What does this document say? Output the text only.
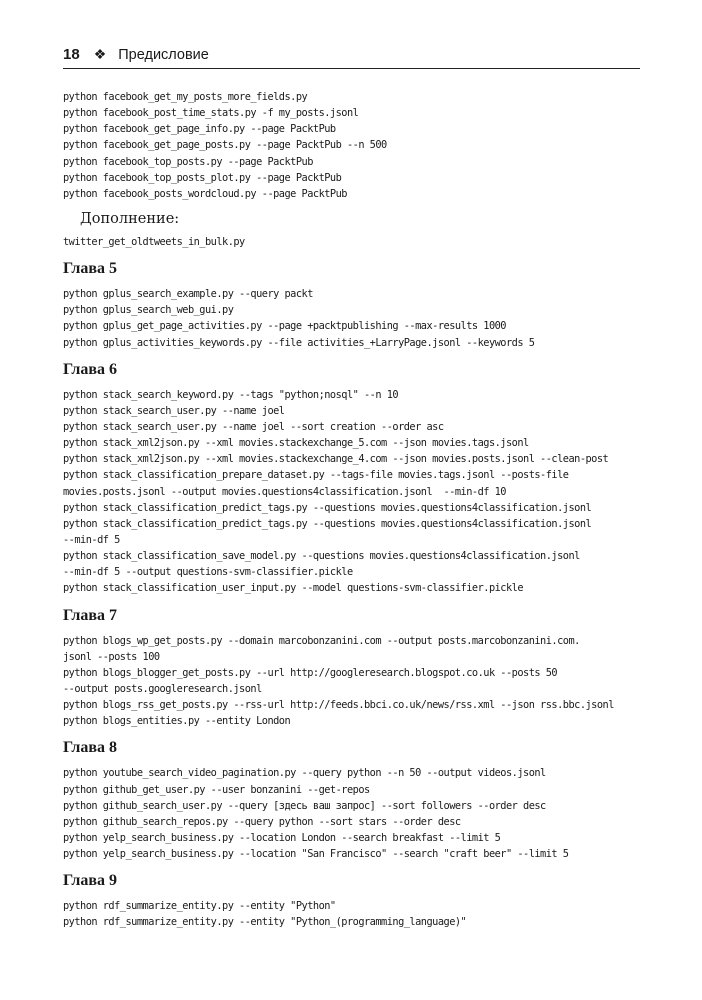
18 ❖ Предисловие
python facebook_get_my_posts_more_fields.py
python facebook_post_time_stats.py -f my_posts.jsonl
python facebook_get_page_info.py --page PacktPub
python facebook_get_page_posts.py --page PacktPub --n 500
python facebook_top_posts.py --page PacktPub
python facebook_top_posts_plot.py --page PacktPub
python facebook_posts_wordcloud.py --page PacktPub
Дополнение:
twitter_get_oldtweets_in_bulk.py
Глава 5
python gplus_search_example.py --query packt
python gplus_search_web_gui.py
python gplus_get_page_activities.py --page +packtpublishing --max-results 1000
python gplus_activities_keywords.py --file activities_+LarryPage.jsonl --keywords 5
Глава 6
python stack_search_keyword.py --tags "python;nosql" --n 10
python stack_search_user.py --name joel
python stack_search_user.py --name joel --sort creation --order asc
python stack_xml2json.py --xml movies.stackexchange_5.com --json movies.tags.jsonl
python stack_xml2json.py --xml movies.stackexchange_4.com --json movies.posts.jsonl --clean-post
python stack_classification_prepare_dataset.py --tags-file movies.tags.jsonl --posts-file
movies.posts.jsonl --output movies.questions4classification.jsonl  --min-df 10
python stack_classification_predict_tags.py --questions movies.questions4classification.jsonl
python stack_classification_predict_tags.py --questions movies.questions4classification.jsonl
--min-df 5
python stack_classification_save_model.py --questions movies.questions4classification.jsonl
--min-df 5 --output questions-svm-classifier.pickle
python stack_classification_user_input.py --model questions-svm-classifier.pickle
Глава 7
python blogs_wp_get_posts.py --domain marcobonzanini.com --output posts.marcobonzanini.com.
jsonl --posts 100
python blogs_blogger_get_posts.py --url http://googleresearch.blogspot.co.uk --posts 50
--output posts.googleresearch.jsonl
python blogs_rss_get_posts.py --rss-url http://feeds.bbci.co.uk/news/rss.xml --json rss.bbc.jsonl
python blogs_entities.py --entity London
Глава 8
python youtube_search_video_pagination.py --query python --n 50 --output videos.jsonl
python github_get_user.py --user bonzanini --get-repos
python github_search_user.py --query [здесь ваш запрос] --sort followers --order desc
python github_search_repos.py --query python --sort stars --order desc
python yelp_search_business.py --location London --search breakfast --limit 5
python yelp_search_business.py --location "San Francisco" --search "craft beer" --limit 5
Глава 9
python rdf_summarize_entity.py --entity "Python"
python rdf_summarize_entity.py --entity "Python_(programming_language)"
